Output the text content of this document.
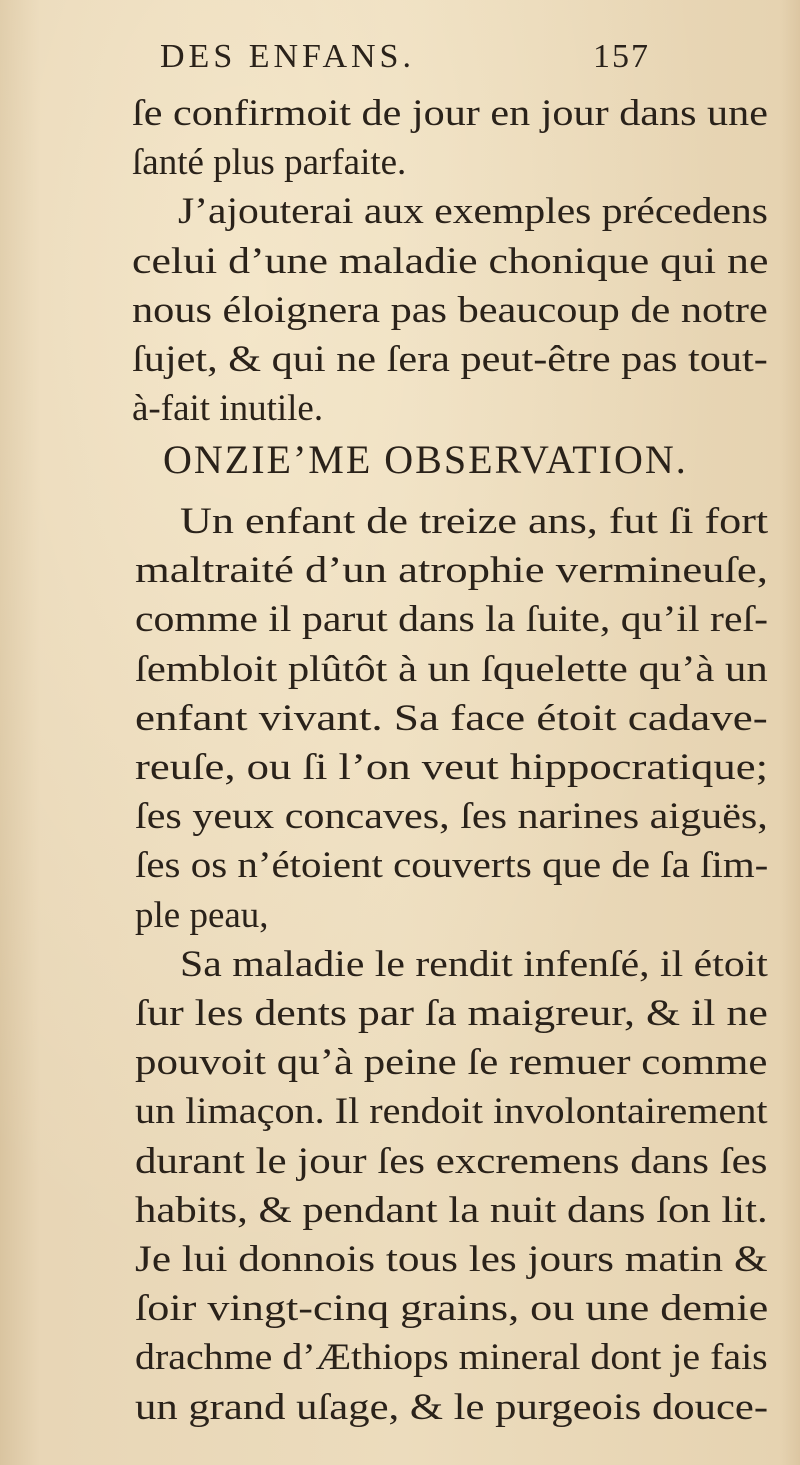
DES ENFANS.	157
ſe confirmoit de jour en jour dans une
ſanté plus parfaite.
J’ajouterai aux exemples précedens
celui d’une maladie chonique qui ne
nous éloignera pas beaucoup de notre
ſujet, & qui ne ſera peut-être pas tout-
à-fait inutile.
ONZIE’ME OBSERVATION.
Un enfant de treize ans, fut ſi fort
maltraité d’un atrophie vermineuſe,
comme il parut dans la ſuite, qu’il reſ-
ſembloit plûtôt à un ſquelette qu’à un
enfant vivant. Sa face étoit cadave-
reuſe, ou ſi l’on veut hippocratique;
ſes yeux concaves, ſes narines aiguës,
ſes os n’étoient couverts que de ſa ſim-
ple peau,
Sa maladie le rendit infenſé, il étoit
ſur les dents par ſa maigreur, & il ne
pouvoit qu’à peine ſe remuer comme
un limaçon. Il rendoit involontairement
durant le jour ſes excremens dans ſes
habits, & pendant la nuit dans ſon lit.
Je lui donnois tous les jours matin &
ſoir vingt-cinq grains, ou une demie
drachme d’Æthiops mineral dont je fais
un grand uſage, & le purgeois douce-
